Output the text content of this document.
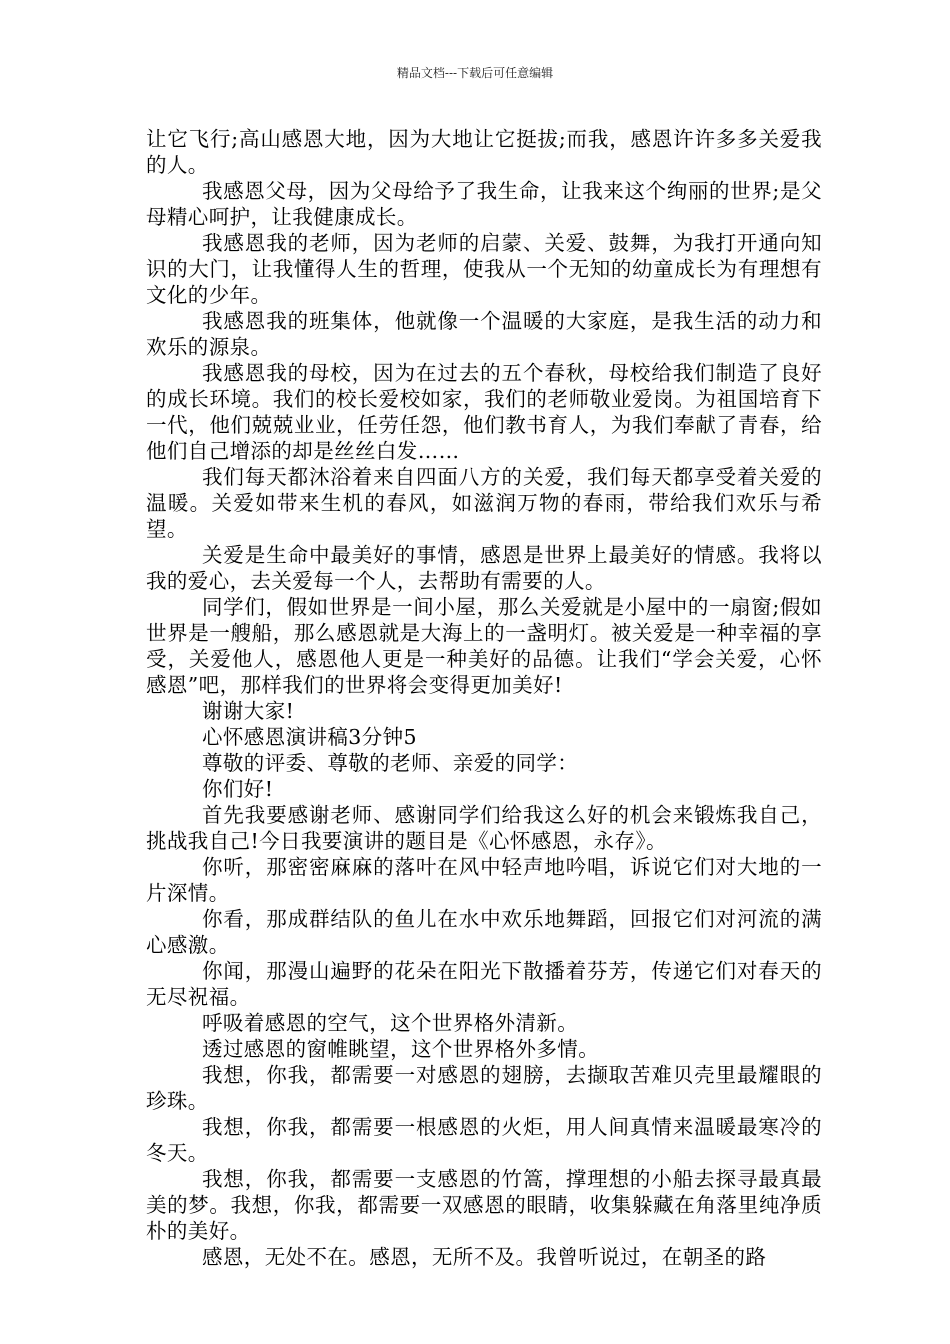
精品文档---下载后可任意编辑

让它飞行;高山感恩大地，因为大地让它挺拔;而我，感恩许许多多关爱我的人。

我感恩父母，因为父母给予了我生命，让我来这个绚丽的世界;是父母精心呵护，让我健康成长。

我感恩我的老师，因为老师的启蒙、关爱、鼓舞，为我打开通向知识的大门，让我懂得人生的哲理，使我从一个无知的幼童成长为有理想有文化的少年。

我感恩我的班集体，他就像一个温暖的大家庭，是我生活的动力和欢乐的源泉。

我感恩我的母校，因为在过去的五个春秋，母校给我们制造了良好的成长环境。我们的校长爱校如家，我们的老师敬业爱岗。为祖国培育下一代，他们兢兢业业，任劳任怨，他们教书育人，为我们奉献了青春，给他们自己增添的却是丝丝白发……

我们每天都沐浴着来自四面八方的关爱，我们每天都享受着关爱的温暖。关爱如带来生机的春风，如滋润万物的春雨，带给我们欢乐与希望。

关爱是生命中最美好的事情，感恩是世界上最美好的情感。我将以我的爱心，去关爱每一个人，去帮助有需要的人。

同学们，假如世界是一间小屋，那么关爱就是小屋中的一扇窗;假如世界是一艘船，那么感恩就是大海上的一盏明灯。被关爱是一种幸福的享受，关爱他人，感恩他人更是一种美好的品德。让我们“学会关爱，心怀感恩”吧，那样我们的世界将会变得更加美好!

谢谢大家!

心怀感恩演讲稿3分钟5

尊敬的评委、尊敬的老师、亲爱的同学：

你们好!

首先我要感谢老师、感谢同学们给我这么好的机会来锻炼我自己，挑战我自己!今日我要演讲的题目是《心怀感恩，永存》。

你听，那密密麻麻的落叶在风中轻声地吟唱，诉说它们对大地的一片深情。

你看，那成群结队的鱼儿在水中欢乐地舞蹈，回报它们对河流的满心感激。

你闻，那漫山遍野的花朵在阳光下散播着芬芳，传递它们对春天的无尽祝福。

呼吸着感恩的空气，这个世界格外清新。

透过感恩的窗帷眺望，这个世界格外多情。

我想，你我，都需要一对感恩的翅膀，去撷取苦难贝壳里最耀眼的珍珠。

我想，你我，都需要一根感恩的火炬，用人间真情来温暖最寒冷的冬天。

我想，你我，都需要一支感恩的竹篙，撑理想的小船去探寻最真最美的梦。我想，你我，都需要一双感恩的眼睛，收集躲藏在角落里纯净质朴的美好。

感恩，无处不在。感恩，无所不及。我曾听说过，在朝圣的路
